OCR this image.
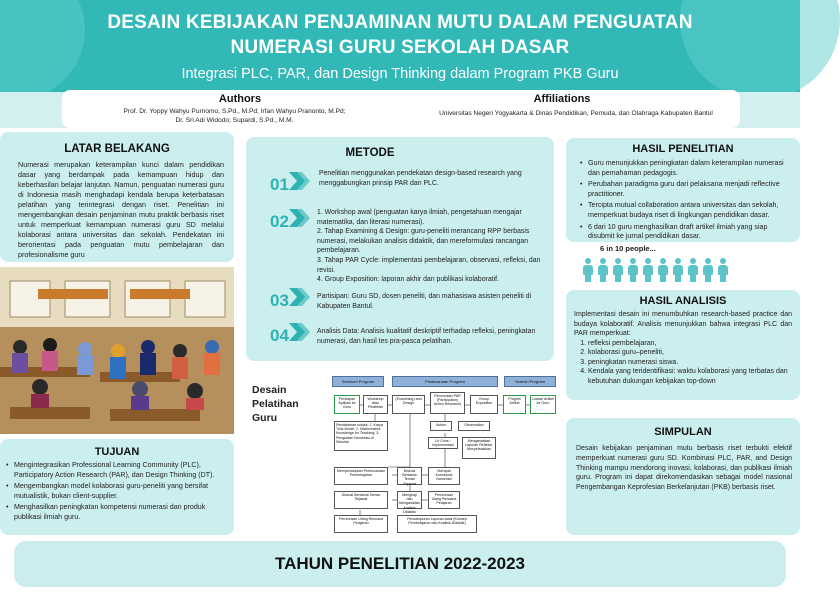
DESAIN KEBIJAKAN PENJAMINAN MUTU DALAM PENGUATAN
NUMERASI GURU SEKOLAH DASAR
Integrasi PLC, PAR, dan Design Thinking dalam Program PKB Guru
Authors
Prof. Dr. Yoppy Wahyu Purnomo, S.Pd., M.Pd; Irfan Wahyu Pranonto, M.Pd;
Dr. Sri Adi Widodo; Supardi, S.Pd., M.M.
Affiliations
Universitas Negeri Yogyakarta & Dinas Pendidikan, Pemuda, dan Olahraga Kabupaten Bantul
LATAR BELAKANG
Numerasi merupakan keterampilan kunci dalam pendidikan dasar yang berdampak pada kemampuan hidup dan keberhasilan belajar lanjutan. Namun, penguatan numerasi guru di Indonesia masih menghadapi kendala berupa keterbatasan pelatihan yang terintegrasi dengan riset. Penelitian ini mengembangkan desain penjaminan mutu praktik berbasis riset untuk memperkuat kemampuan numerasi guru SD melalui kolaborasi antara universitas dan sekolah. Pendekatan ini berorientasi pada penguatan mutu pembelajaran dan profesionalisme guru
TUJUAN
• Mengintegrasikan Professional Learning Community (PLC), Participatory Action Research (PAR), dan Design Thinking (DT).
• Mengembangkan model kolaborasi guru-peneliti yang bersifat mutualistik, bukan client-supplier.
• Menghasilkan peningkatan kompetensi numerasi dan produk publikasi ilmiah guru.
METODE
01
Penelitian menggunakan pendekatan design-based research yang menggabungkan prinsip PAR dan PLC.
02	1. Workshop awal (penguatan karya ilmiah, pengetahuan mengajar matematika, dan literasi numerasi).
2. Tahap Examining & Design: guru-peneliti merancang RPP berbasis numerasi, melakukan analisis didaktik, dan mereformulasi rancangan pembelajaran.
3. Tahap PAR Cycle: implementasi pembelajaran, observasi, refleksi, dan revisi.
4. Group Exposition: laporan akhir dan publikasi kolaboratif.
03	Partisipan: Guru SD, dosen peneliti, dan mahasiswa asisten peneliti di Kabupaten Bantul.
04	Analisis Data: Analisis kualitatif deskriptif terhadap refleksi, peningkatan numerasi, dan hasil tes pra-pasca pelatihan.
Desain
Pelatihan
Guru
Sebelum Program	Pelaksanaan Program	Setelah Program
Persiapan Aplikasi ke Guru
Workshop atau Pelatihan
(Examining) and Design
Perumusan PAR (Participatory Action Research)
Group Exposition
Progres Artikel
Luaran Artikel ke Guru
Pendalaman subjek: 1. Karya Tulis Ilmiah; 2. Mathematics Knowledge for Teaching; 3. Penguatan Numerasi di Sekolah
Action	Observation
Lit Cohe / Implementasi
Mengamatkan Laporan Refleksi, Menyelesaikan
Mempersiapkan Perencanaan Pembelajaran
Diskusi Bersama Teman Sejawat
Merapat Konsepnsi Numerasi
Diskusi Bersama Teman Sejawat
Mengkaji dan Menganalisis Analisis Didaktik
Perumusan Ulang Rencana Pelajaran
Perumusan Ulang Rencana Pelajaran
Pencampuran Laporan Awal (Konsep Pembelajaran dan Analisis Didaktik)
HASIL PENELITIAN
• Guru menunjukkan peningkatan dalam keterampilan numerasi dan pemahaman pedagogis.
• Perubahan paradigma guru dari pelaksana menjadi reflective practitioner.
• Tercipta mutual collaboration antara universitas dan sekolah, memperkuat budaya riset di lingkungan pendidikan dasar.
• 6 dari 10 guru menghasilkan draft artikel ilmiah yang siap disubmit ke jurnal pendidikan dasar.
6 in 10 people...
HASIL ANALISIS
Implementasi desain ini menumbuhkan research-based practice dan budaya kolaboratif. Analisis menunjukkan bahwa integrasi PLC dan PAR memperkuat:
1. refleksi pembelajaran,
2. kolaborasi guru–peneliti,
3. peningkatan numerasi siswa.
4. Kendala yang teridentifikasi: waktu kolaborasi yang terbatas dan kebutuhan dukungan kebijakan top-down
SIMPULAN
Desain kebijakan penjaminan mutu berbasis riset terbukti efektif memperkuat numerasi guru SD. Kombinasi PLC, PAR, and Design Thinking mampu mendorong inovasi, kolaborasi, dan publikasi ilmiah guru. Program ini dapat direkomendasikan sebagai model nasional Pengembangan Keprofesian Berkelanjutan (PKB) berbasis riset.
TAHUN PENELITIAN 2022-2023
